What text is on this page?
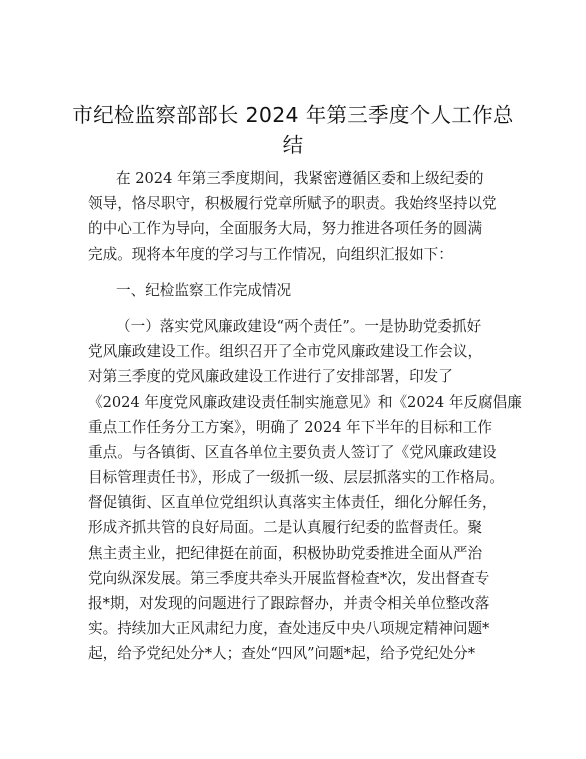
市纪检监察部部长 2024 年第三季度个人工作总
结
在 2024 年第三季度期间，我紧密遵循区委和上级纪委的
领导，恪尽职守，积极履行党章所赋予的职责。我始终坚持以党
的中心工作为导向，全面服务大局，努力推进各项任务的圆满
完成。现将本年度的学习与工作情况，向组织汇报如下：
一、纪检监察工作完成情况
（一）落实党风廉政建设“两个责任”。一是协助党委抓好
党风廉政建设工作。组织召开了全市党风廉政建设工作会议，
对第三季度的党风廉政建设工作进行了安排部署，印发了
《2024 年度党风廉政建设责任制实施意见》和《2024 年反腐倡廉
重点工作任务分工方案》，明确了 2024 年下半年的目标和工作
重点。与各镇街、区直各单位主要负责人签订了《党风廉政建设
目标管理责任书》，形成了一级抓一级、层层抓落实的工作格局。
督促镇街、区直单位党组织认真落实主体责任，细化分解任务，
形成齐抓共管的良好局面。二是认真履行纪委的监督责任。聚
焦主责主业，把纪律挺在前面，积极协助党委推进全面从严治
党向纵深发展。第三季度共牵头开展监督检查*次，发出督查专
报*期，对发现的问题进行了跟踪督办，并责令相关单位整改落
实。持续加大正风肃纪力度，查处违反中央八项规定精神问题*
起，给予党纪处分*人；查处“四风”问题*起，给予党纪处分*
